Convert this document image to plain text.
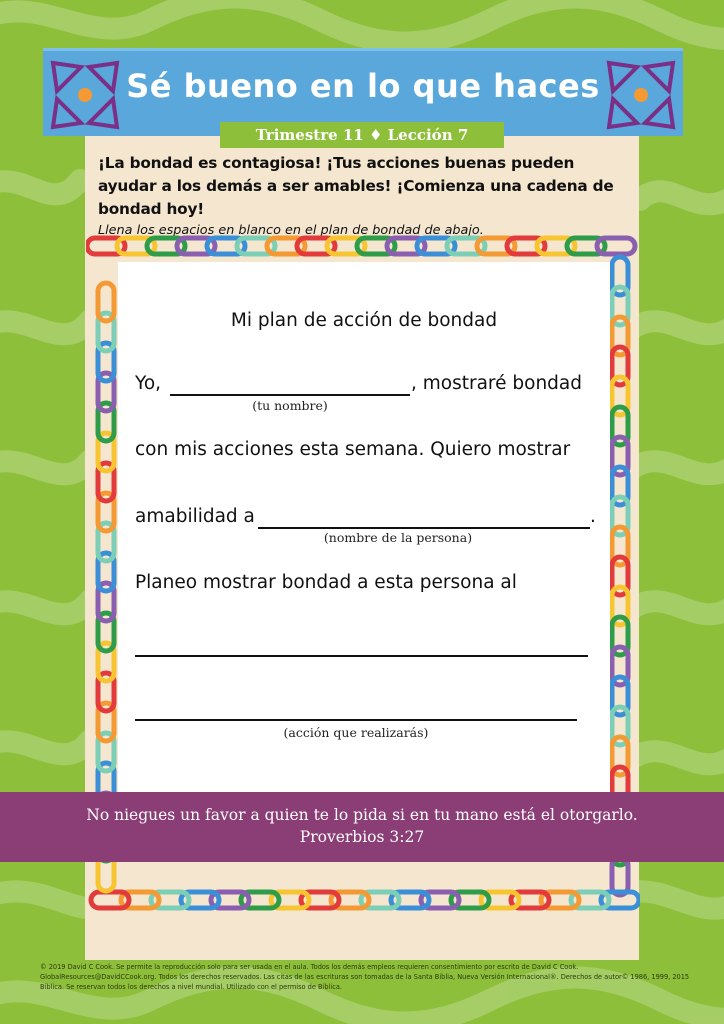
Sé bueno en lo que haces
Trimestre 11 ♦ Lección 7
¡La bondad es contagiosa! ¡Tus acciones buenas pueden ayudar a los demás a ser amables! ¡Comienza una cadena de bondad hoy!
Llena los espacios en blanco en el plan de bondad de abajo.
Mi plan de acción de bondad
Yo,	, mostraré bondad
(tu nombre)
con mis acciones esta semana. Quiero mostrar
amabilidad a	.
(nombre de la persona)
Planeo mostrar bondad a esta persona al
(acción que realizarás)
No niegues un favor a quien te lo pida si en tu mano está el otorgarlo.
Proverbios 3:27
© 2019 David C Cook. Se permite la reproducción solo para ser usada en el aula. Todos los demás empleos requieren consentimiento por escrito de David C Cook. GlobalResources@DavidCCook.org. Todos los derechos reservados. Las citas de las escrituras son tomadas de la Santa Biblia, Nueva Versión Internacional®. Derechos de autor© 1986, 1999, 2015 Bíblica. Se reservan todos los derechos a nivel mundial. Utilizado con el permiso de Bíblica.
